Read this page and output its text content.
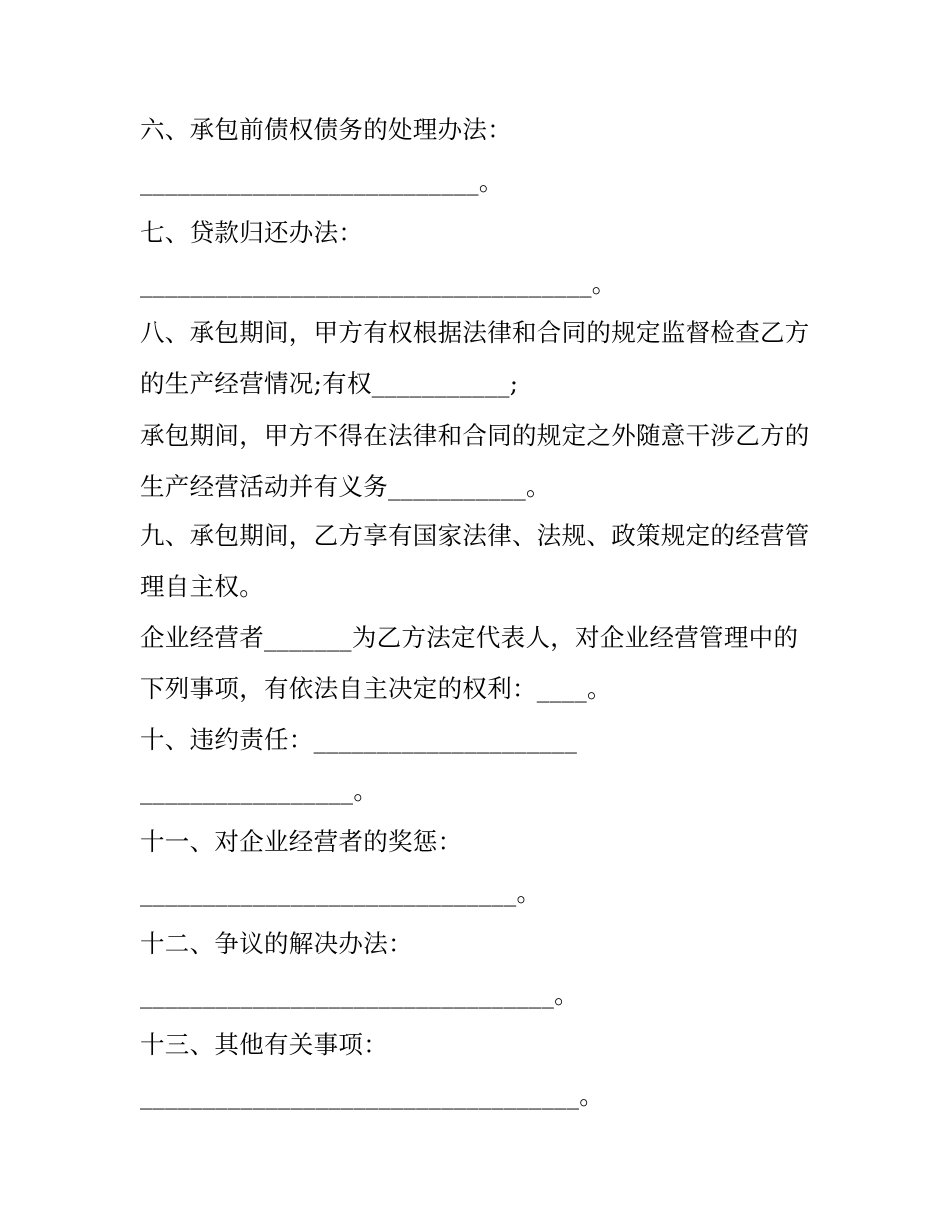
六、承包前债权债务的处理办法：
___________________________。
七、贷款归还办法：
____________________________________。
八、承包期间，甲方有权根据法律和合同的规定监督检查乙方
的生产经营情况;有权___________;
承包期间，甲方不得在法律和合同的规定之外随意干涉乙方的
生产经营活动并有义务___________。
九、承包期间，乙方享有国家法律、法规、政策规定的经营管
理自主权。
企业经营者_______为乙方法定代表人，对企业经营管理中的
下列事项，有依法自主决定的权利：____。
十、违约责任：_____________________
_________________。
十一、对企业经营者的奖惩：
______________________________。
十二、争议的解决办法：
_________________________________。
十三、其他有关事项：
___________________________________。
